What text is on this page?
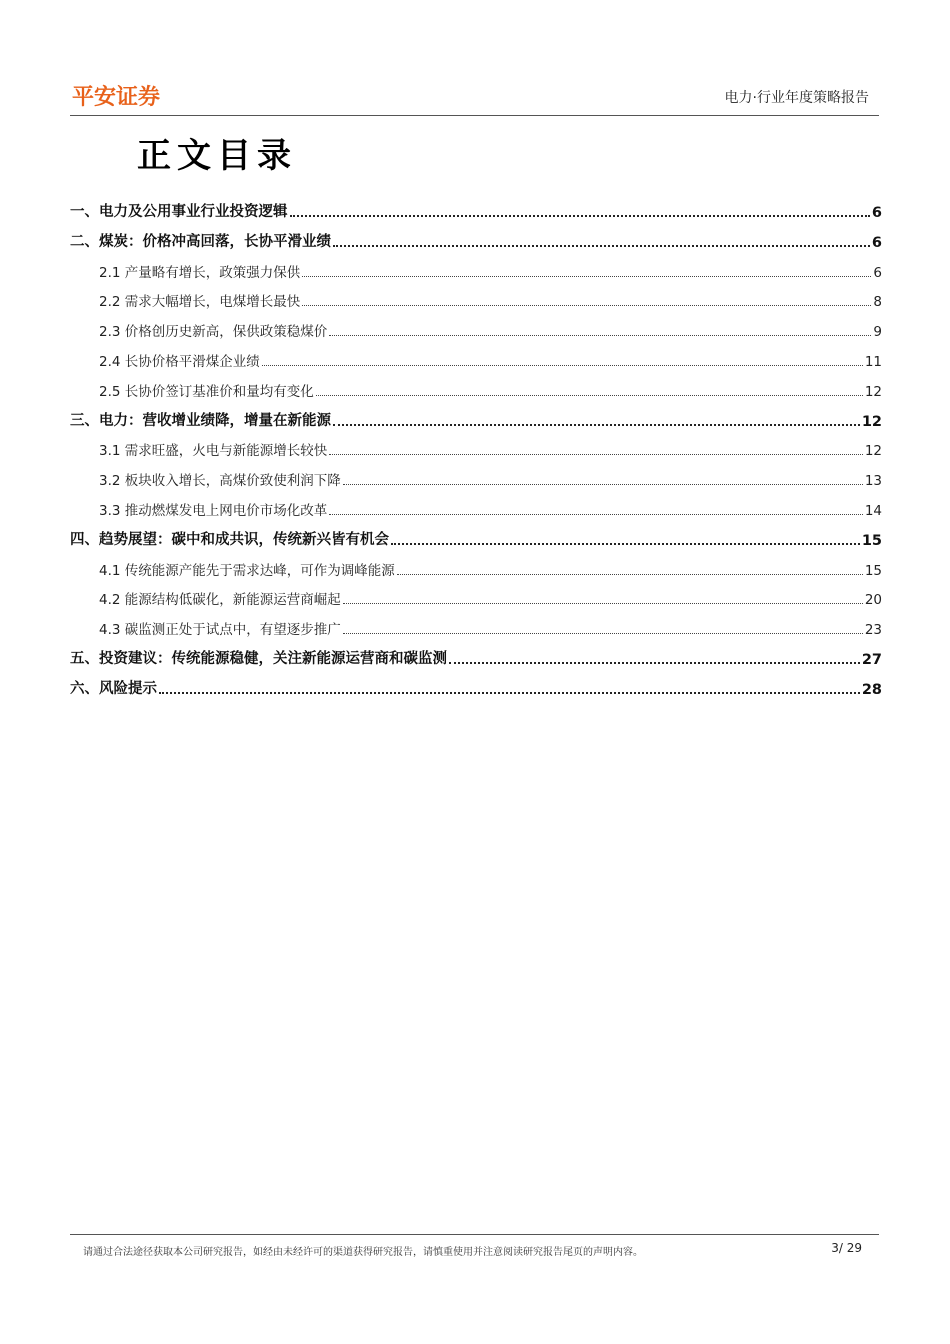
平安证券	电力·行业年度策略报告
正文目录
一、电力及公用事业行业投资逻辑	6
二、煤炭：价格冲高回落，长协平滑业绩	6
2.1 产量略有增长，政策强力保供	6
2.2 需求大幅增长，电煤增长最快	8
2.3 价格创历史新高，保供政策稳煤价	9
2.4 长协价格平滑煤企业绩	11
2.5 长协价签订基准价和量均有变化	12
三、电力：营收增业绩降，增量在新能源	12
3.1 需求旺盛，火电与新能源增长较快	12
3.2 板块收入增长，高煤价致使利润下降	13
3.3 推动燃煤发电上网电价市场化改革	14
四、趋势展望：碳中和成共识，传统新兴皆有机会	15
4.1 传统能源产能先于需求达峰，可作为调峰能源	15
4.2 能源结构低碳化，新能源运营商崛起	20
4.3 碳监测正处于试点中，有望逐步推广	23
五、投资建议：传统能源稳健，关注新能源运营商和碳监测	27
六、风险提示	28
请通过合法途径获取本公司研究报告，如经由未经许可的渠道获得研究报告，请慎重使用并注意阅读研究报告尾页的声明内容。	3/ 29
